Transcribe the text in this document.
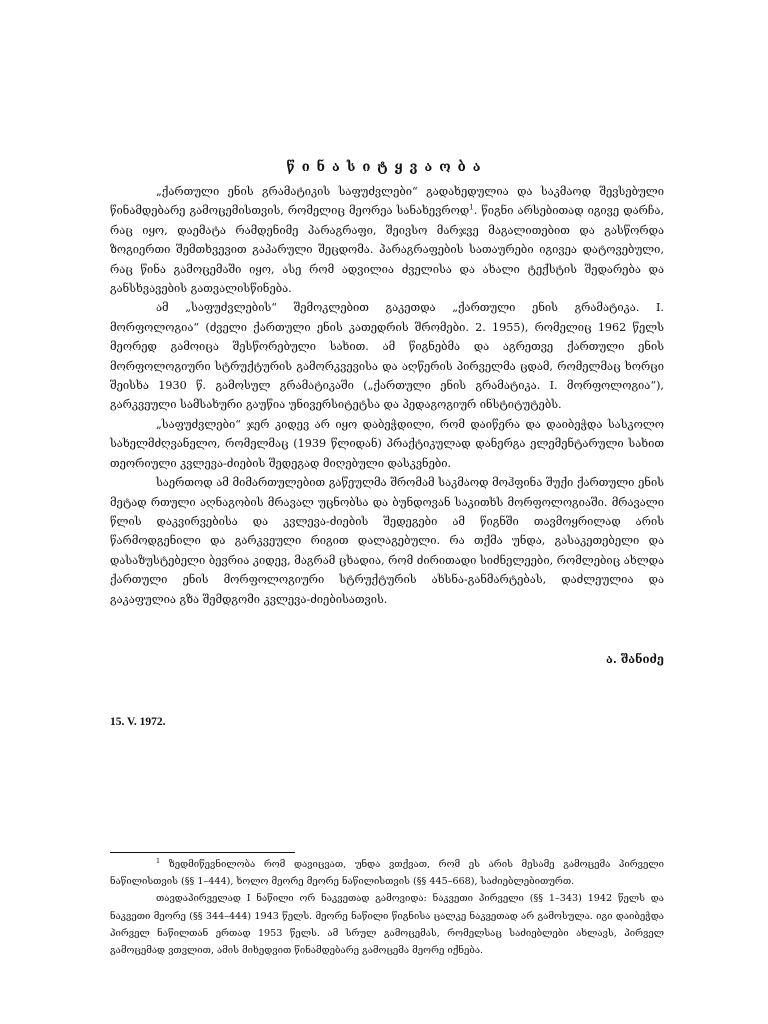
წინასიტყვაობა

„ქართული ენის გრამატიკის საფუძვლები“ გადახედულია და საკმაოდ შევსებული წინამდებარე გამოცემისთვის, რომელიც მეორეა სანახევროდ$^1$. წიგნი არსებითად იგივე დარჩა, რაც იყო, დაემატა რამდენიმე პარაგრაფი, შეივსო მარჯვე მაგალითებით და გასწორდა ზოგიერთი შემთხვევით გაპარული შეცდომა. პარაგრაფების სათაურები იგივეა დატოვებული, რაც წინა გამოცემაში იყო, ასე რომ ადვილია ძველისა და ახალი ტექსტის შედარება და განსხვავების გათვალისწინება.

ამ „საფუძვლების“ შემოკლებით გაკეთდა „ქართული ენის გრამატიკა. I. მორფოლოგია“ (ძველი ქართული ენის კათედრის შრომები. 2. 1955), რომელიც 1962 წელს მეორედ გამოიცა შესწორებული სახით. ამ წიგნებმა და აგრეთვე ქართული ენის მორფოლოგიური სტრუქტურის გამორკვევისა და აღწერის პირველმა ცდამ, რომელმაც ხორცი შეისხა 1930 წ. გამოსულ გრამატიკაში („ქართული ენის გრამატიკა. I. მორფოლოგია“), გარკვეული სამსახური გაუწია უნივერსიტეტსა და პედაგოგიურ ინსტიტუტებს.

„საფუძვლები“ ჯერ კიდევ არ იყო დაბეჭდილი, რომ დაიწერა და დაიბეჭდა სასკოლო სახელმძღვანელო, რომელმაც (1939 წლიდან) პრაქტიკულად დანერგა ელემენტარული სახით თეორიული კვლევა-ძიების შედეგად მიღებული დასკვნები.

საერთოდ ამ მიმართულებით გაწეულმა შრომამ საკმაოდ მოჰფინა შუქი ქართული ენის მეტად რთული აღნაგობის მრავალ უცნობსა და ბუნდოვან საკითხს მორფოლოგიაში. მრავალი წლის დაკვირვებისა და კვლევა-ძიების შედეგები ამ წიგნში თავმოყრილად არის წარმოდგენილი და გარკვეული რიგით დალაგებული. რა თქმა უნდა, გასაკეთებელი და დასაზუსტებელი ბევრია კიდევ, მაგრამ ცხადია, რომ ძირითადი სიძნელეები, რომლებიც ახლდა ქართული ენის მორფოლოგიური სტრუქტურის ახსნა-განმარტებას, დაძლეულია და გაკაფულია გზა შემდგომი კვლევა-ძიებისათვის.

ა. შანიძე
15. V. 1972.

$^1$ ზედმიწევნილობა რომ დავიცვათ, უნდა ვთქვათ, რომ ეს არის მესამე გამოცემა პირველი ნაწილისთვის (§§ 1–444), ხოლო მეორე მეორე ნაწილისთვის (§§ 445–668), საძიებლებითურთ.

თავდაპირველად I ნაწილი ორ ნაკვეთად გამოვიდა: ნაკვეთი პირველი (§§ 1–343) 1942 წელს და ნაკვეთი მეორე (§§ 344–444) 1943 წელს. მეორე ნაწილი წიგნისა ცალკე ნაკვეთად არ გამოსულა. იგი დაიბეჭდა პირველ ნაწილთან ერთად 1953 წელს. ამ სრულ გამოცემას, რომელსაც საძიებლები ახლავს, პირველ გამოცემად ვთვლით, ამის მიხედვით წინამდებარე გამოცემა მეორე იქნება.
